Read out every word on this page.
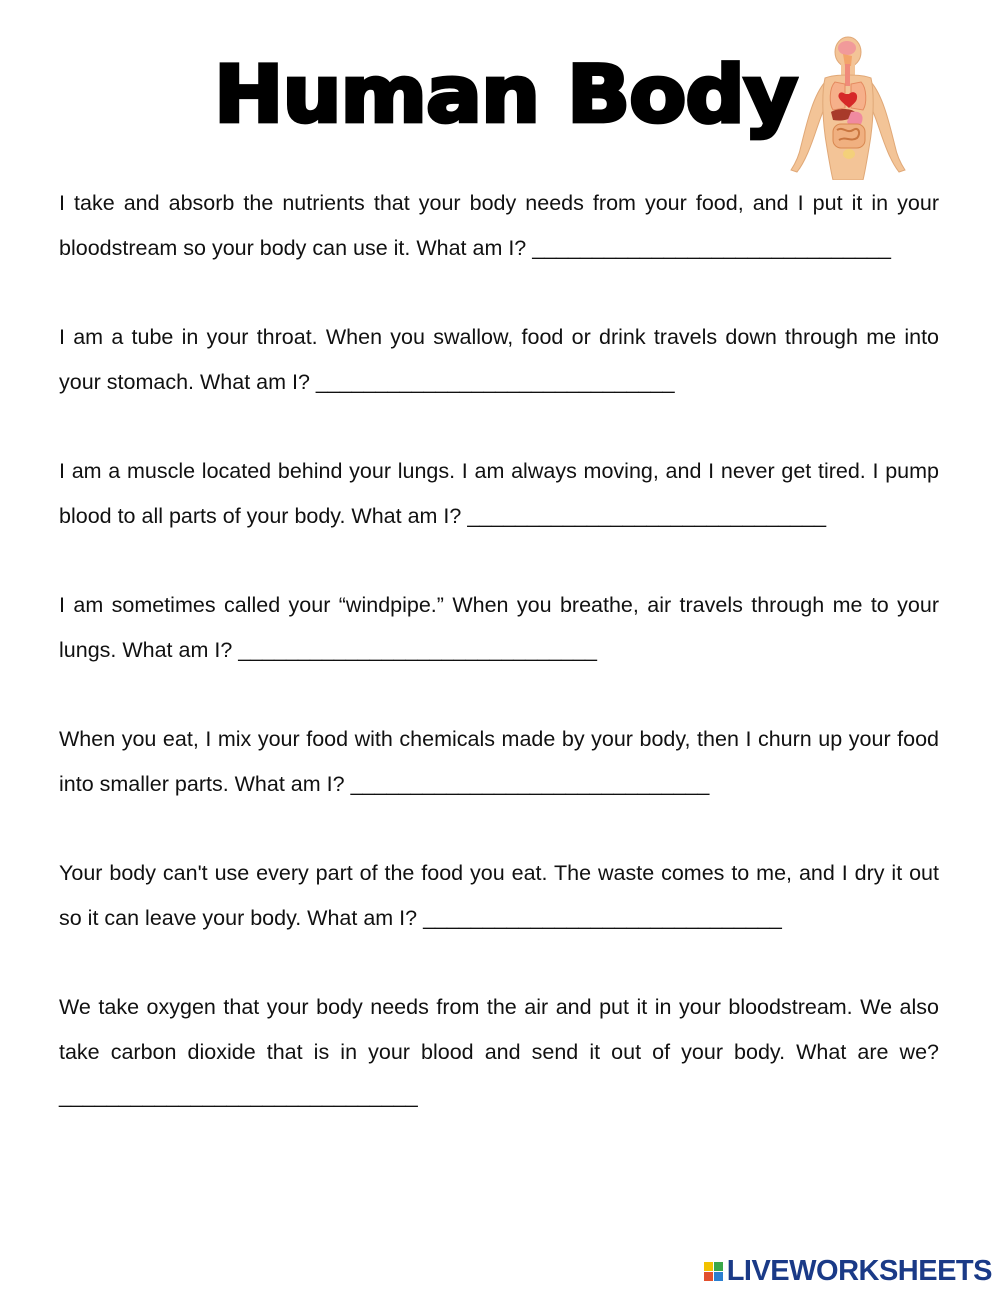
Human Body

I take and absorb the nutrients that your body needs from your food, and I put it in your bloodstream so your body can use it. What am I? ______________________________

I am a tube in your throat. When you swallow, food or drink travels down through me into your stomach. What am I? ______________________________

I am a muscle located behind your lungs. I am always moving, and I never get tired. I pump blood to all parts of your body. What am I? ______________________________

I am sometimes called your “windpipe.” When you breathe, air travels through me to your lungs. What am I? ______________________________

When you eat, I mix your food with chemicals made by your body, then I churn up your food into smaller parts. What am I? ______________________________

Your body can't use every part of the food you eat. The waste comes to me, and I dry it out so it can leave your body. What am I? ______________________________

We take oxygen that your body needs from the air and put it in your bloodstream. We also take carbon dioxide that is in your blood and send it out of your body. What are we? ______________________________

LIVEWORKSHEETS
